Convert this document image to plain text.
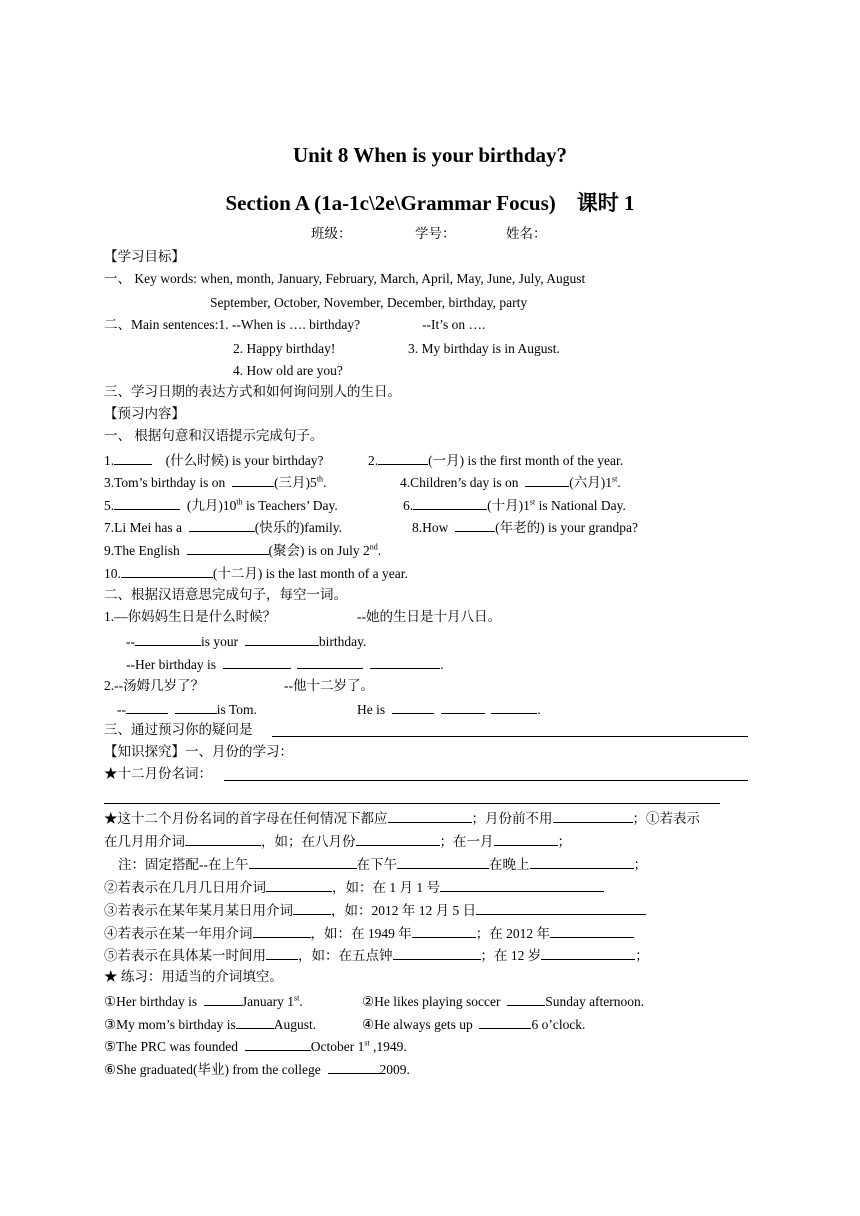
Unit 8 When is your birthday?
Section A (1a-1c\2e\Grammar Focus)    课时 1
班级：	学号：	姓名：
【学习目标】
一、 Key words: when, month, January, February, March, April, May, June, July, August
September, October, November, December, birthday, party
二、Main sentences:1. --When is …. birthday?	--It’s on ….
2. Happy birthday!	3. My birthday is in August.
4. How old are you?
三、学习日期的表达方式和如何询问别人的生日。
【预习内容】
一、 根据句意和汉语提示完成句子。
1.	(什么时候) is your birthday?	2.	(一月) is the first month of the year.
3.Tom’s birthday is on	(三月)5th.	4.Children’s day is on	(六月)1st.
5.	(九月)10th is Teachers’ Day.	6.	(十月)1st is National Day.
7.Li Mei has a	(快乐的)family.	8.How	(年老的) is your grandpa?
9.The English	(聚会) is on July 2nd.
10.	(十二月) is the last month of a year.
二、根据汉语意思完成句子，每空一词。
1.—你妈妈生日是什么时候？	--她的生日是十月八日。
--	is your	birthday.
--Her birthday is	.
2.--汤姆几岁了？	--他十二岁了。
--	is Tom.	He is	.
三、通过预习你的疑问是
【知识探究】一、月份的学习：
★十二月份名词：
★这十二个月份名词的首字母在任何情况下都应	；月份前不用	；①若表示
在几月用介词	，如；在八月份	；在一月	；
注：固定搭配--在上午	在下午	在晚上	；
②若表示在几月几日用介词	，如：在 1 月 1 号
③若表示在某年某月某日用介词	，如：2012 年 12 月 5 日
④若表示在某一年用介词	，如：在 1949 年	；在 2012 年
⑤若表示在具体某一时间用 ，如：在五点钟	；在 12 岁	；
★ 练习：用适当的介词填空。
①Her birthday is	January 1st.	②He likes playing soccer	Sunday afternoon.
③My mom’s birthday is	August.	④He always gets up	6 o’clock.
⑤The PRC was founded	October 1st ,1949.
⑥She graduated(毕业) from the college	2009.
